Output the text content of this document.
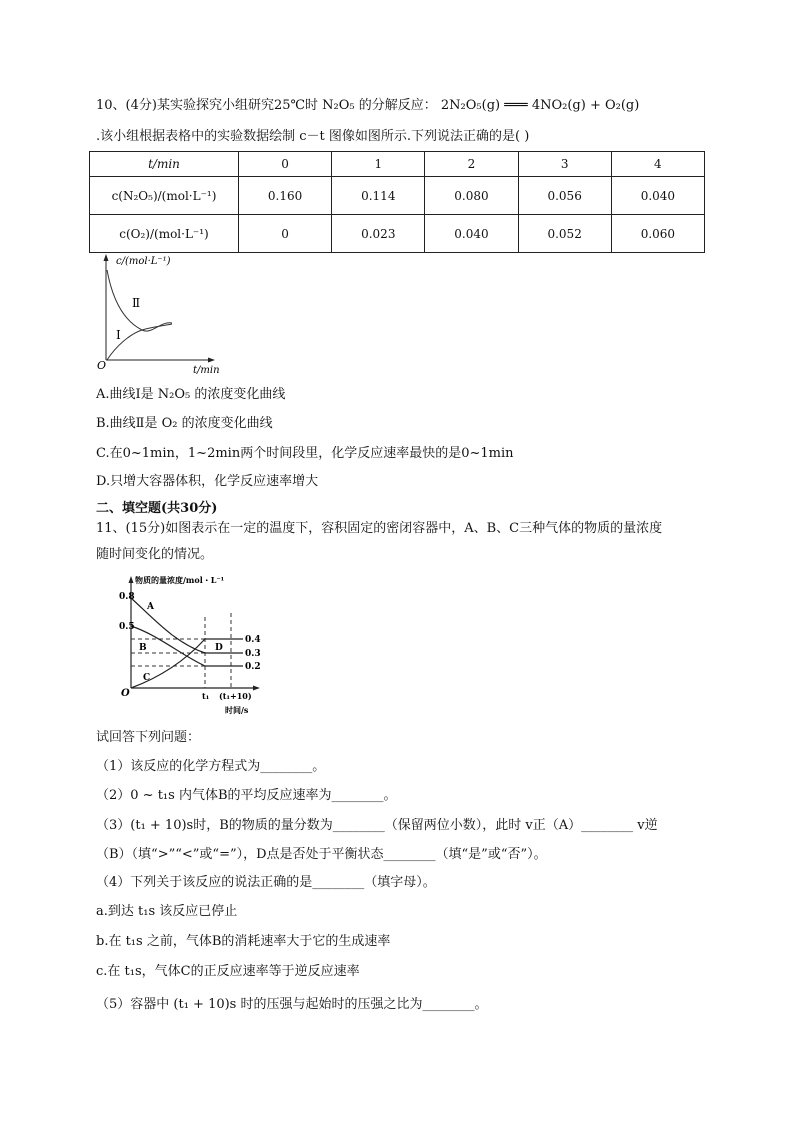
10、(4分)某实验探究小组研究25℃时 N₂O₅ 的分解反应： 2N₂O₅(g) ═══ 4NO₂(g) + O₂(g)
.该小组根据表格中的实验数据绘制 c－t 图像如图所示.下列说法正确的是( )
t/min	0	1	2	3	4
c(N₂O₅)/(mol·L⁻¹)	0.160	0.114	0.080	0.056	0.040
c(O₂)/(mol·L⁻¹)	0	0.023	0.040	0.052	0.060
c/(mol·L⁻¹)
t/min
O
Ⅱ
Ⅰ
A.曲线Ⅰ是 N₂O₅ 的浓度变化曲线
B.曲线Ⅱ是 O₂ 的浓度变化曲线
C.在0~1min，1~2min两个时间段里，化学反应速率最快的是0~1min
D.只增大容器体积，化学反应速率增大
二、填空题(共30分)
11、(15分)如图表示在一定的温度下，容积固定的密闭容器中，A、B、C三种气体的物质的量浓度
随时间变化的情况。
0.8
0.5
O
物质的量浓度/mol・L⁻¹
A
B
C
D
0.4
0.3
0.2
t₁ (t₁+10)
时间/s
试回答下列问题：
（1）该反应的化学方程式为________。
（2）0 ~ t₁s 内气体B的平均反应速率为________。
（3）(t₁ + 10)s时，B的物质的量分数为________（保留两位小数），此时 v正（A）________ v逆
（B）（填“>”“<”或“=”），D点是否处于平衡状态________（填“是”或“否”）。
（4）下列关于该反应的说法正确的是________（填字母）。
a.到达 t₁s 该反应已停止
b.在 t₁s 之前，气体B的消耗速率大于它的生成速率
c.在 t₁s，气体C的正反应速率等于逆反应速率
（5）容器中 (t₁ + 10)s 时的压强与起始时的压强之比为________。
